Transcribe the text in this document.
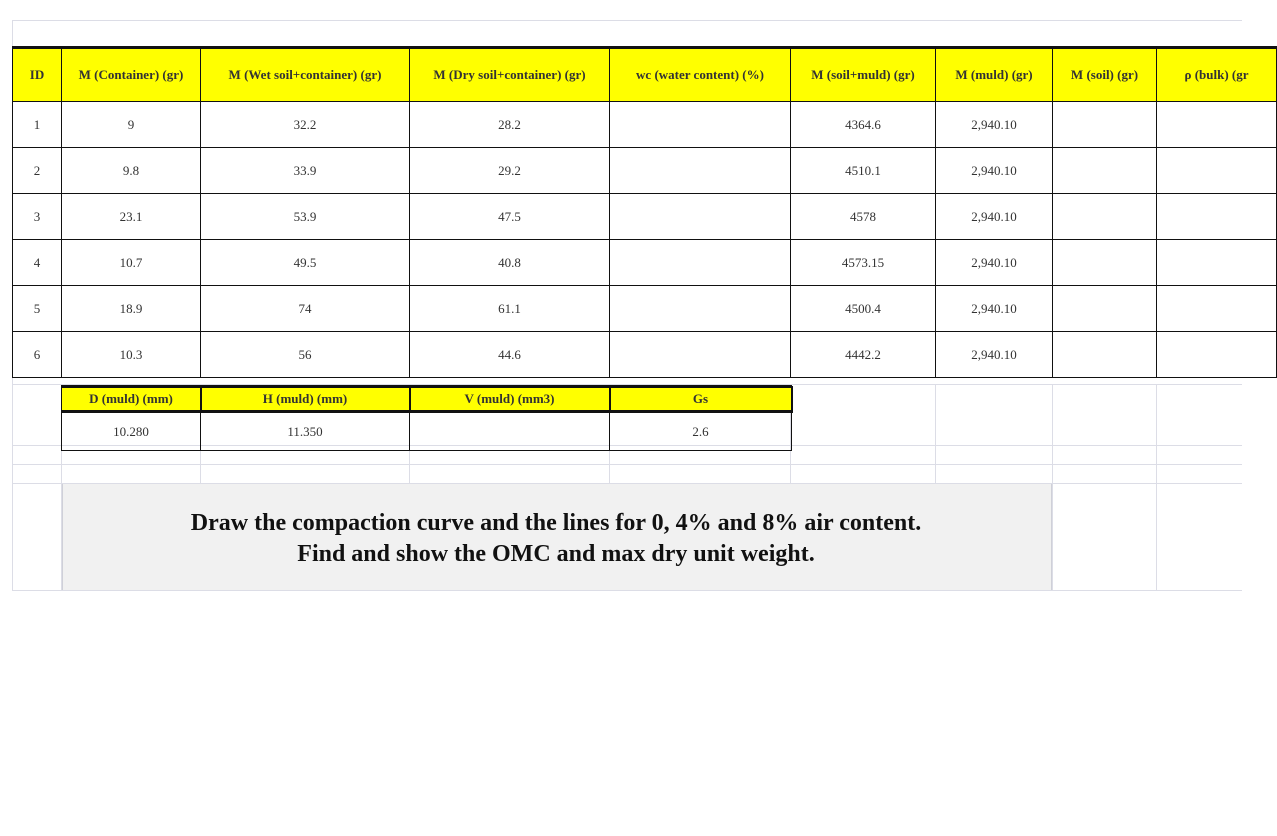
ID	M (Container) (gr)	M (Wet soil+container) (gr)	M (Dry soil+container) (gr)	wc (water content) (%)	M (soil+muld) (gr)	M (muld) (gr)	M (soil) (gr)	ρ (bulk) (gr
1	9	32.2	28.2		4364.6	2,940.10		
2	9.8	33.9	29.2		4510.1	2,940.10		
3	23.1	53.9	47.5		4578	2,940.10		
4	10.7	49.5	40.8		4573.15	2,940.10		
5	18.9	74	61.1		4500.4	2,940.10		
6	10.3	56	44.6		4442.2	2,940.10		
D (muld) (mm)	H (muld) (mm)	V (muld) (mm3)	Gs
10.280	11.350		2.6
Draw the compaction curve and the lines for 0, 4% and 8% air content.
Find and show the OMC and max dry unit weight.
